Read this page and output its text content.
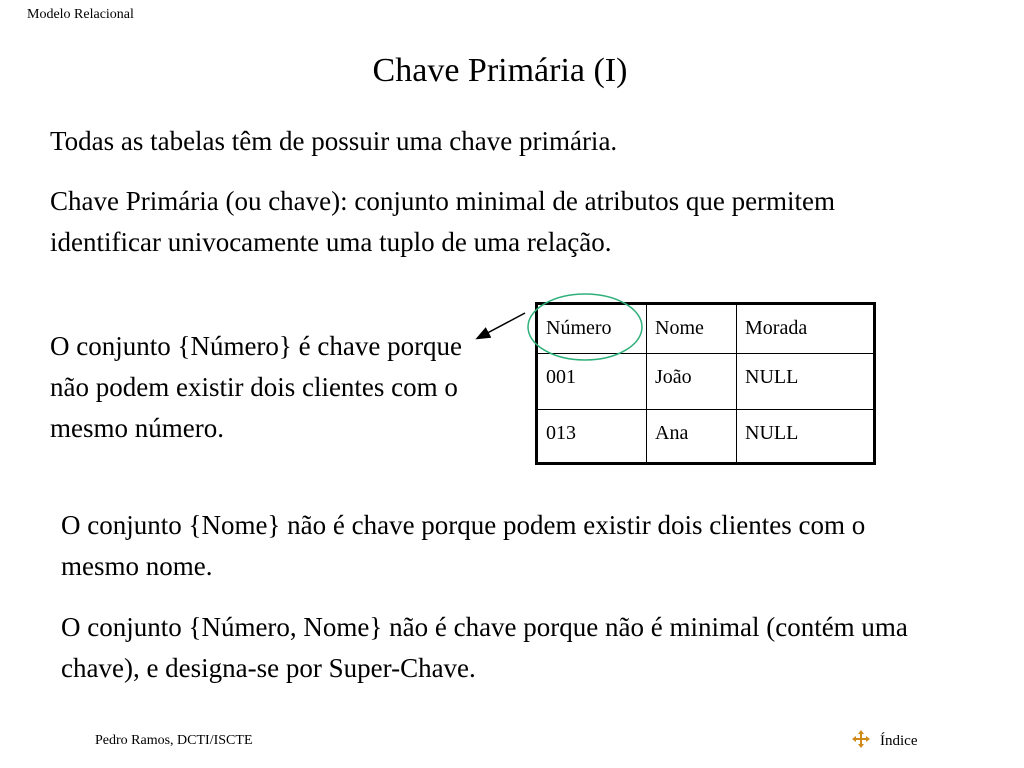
Modelo Relacional
Chave Primária (I)

Todas as tabelas têm de possuir uma chave primária.

Chave Primária (ou chave): conjunto minimal de atributos que permitem identificar univocamente uma tuplo de uma relação.

O conjunto {Número} é chave porque não podem existir dois clientes com o mesmo número.

Número	Nome	Morada
001	João	NULL
013	Ana	NULL

O conjunto {Nome} não é chave porque podem existir dois clientes com o mesmo nome.

O conjunto {Número, Nome} não é chave porque não é minimal (contém uma chave), e designa-se por Super-Chave.

Pedro Ramos, DCTI/ISCTE	Índice
